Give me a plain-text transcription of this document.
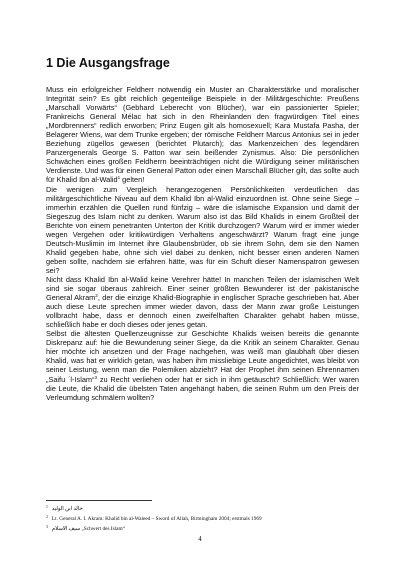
1 Die Ausgangsfrage

Muss ein erfolgreicher Feldherr notwendig ein Muster an Charakterstärke und moralischer Integrität sein? Es gibt reichlich gegenteilige Beispiele in der Militärgeschichte: Preußens „Marschall Vorwärts“ (Gebhard Leberecht von Blücher), war ein passionierter Spieler; Frankreichs General Mélac hat sich in den Rheinlanden den fragwürdigen Titel eines „Mordbrenners“ redlich erworben; Prinz Eugen gilt als homosexuell; Kara Mustafa Pasha, der Belagerer Wiens, war dem Trunke ergeben; der römische Feldherr Marcus Antonius sei in jeder Beziehung zügellos gewesen (berichtet Plutarch); das Markenzeichen des legendären Panzergenerals George S. Patton war sein beißender Zynismus. Also: Die persönlichen Schwächen eines großen Feldherrn beeinträchtigen nicht die Würdigung seiner militärischen Verdienste. Und was für einen General Patton oder einen Marschall Blücher gilt, das sollte auch für Khalid Ibn al-Walid$^1$ gelten!

Die wenigen zum Vergleich herangezogenen Persönlichkeiten verdeutlichen das militärgeschichtliche Niveau auf dem Khalid Ibn al-Walid einzuordnen ist. Ohne seine Siege – immerhin erzählen die Quellen rund fünfzig – wäre die islamische Expansion und damit der Siegeszug des Islam nicht zu denken. Warum also ist das Bild Khalids in einem Großteil der Berichte von einem penetranten Unterton der Kritik durchzogen? Warum wird er immer wieder wegen Vergehen oder kritikwürdigen Verhaltens angeschwärzt? Warum fragt eine junge Deutsch-Muslimin im Internet ihre Glaubensbrüder, ob sie ihrem Sohn, dem sie den Namen Khalid gegeben habe, ohne sich viel dabei zu denken, nicht besser einen anderen Namen geben sollte, nachdem sie erfahren hätte, was für ein Schuft dieser Namenspatron gewesen sei?

Nicht dass Khalid Ibn al-Walid keine Verehrer hätte! In manchen Teilen der islamischen Welt sind sie sogar überaus zahlreich. Einer seiner größten Bewunderer ist der pakistanische General Akram$^2$, der die einzige Khalid-Biographie in englischer Sprache geschrieben hat. Aber auch diese Leute sprechen immer wieder davon, dass der Mann zwar große Leistungen vollbracht habe, dass er dennoch einen zweifelhaften Charakter gehabt haben müsse, schließlich habe er doch dieses oder jenes getan.

Selbst die ältesten Quellenzeugnisse zur Geschichte Khalids weisen bereits die genannte Diskrepanz auf: hie die Bewunderung seiner Siege, da die Kritik an seinem Charakter. Genau hier möchte ich ansetzen und der Frage nachgehen, was weiß man glaubhaft über diesen Khalid, was hat er wirklich getan, was haben ihm missliebige Leute angedichtet, was bleibt von seiner Leistung, wenn man die Polemiken abzieht? Hat der Prophet ihm seinen Ehrennamen „Saifu ´l-Islam“$^3$ zu Recht verliehen oder hat er sich in ihm getäuscht? Schließlich: Wer waren die Leute, die Khalid die übelsten Taten angehängt haben, die seinen Ruhm um den Preis der Verleumdung schmälern wollten?

$^1$ خالد ابن الوليد
$^2$ Lt. General A. I. Akram: Khalid bin al-Waleed – Sword of Allah, Birmingham 2004; erstmals 1969
$^3$ سيف الاسلام „Schwert des Islam“
4
